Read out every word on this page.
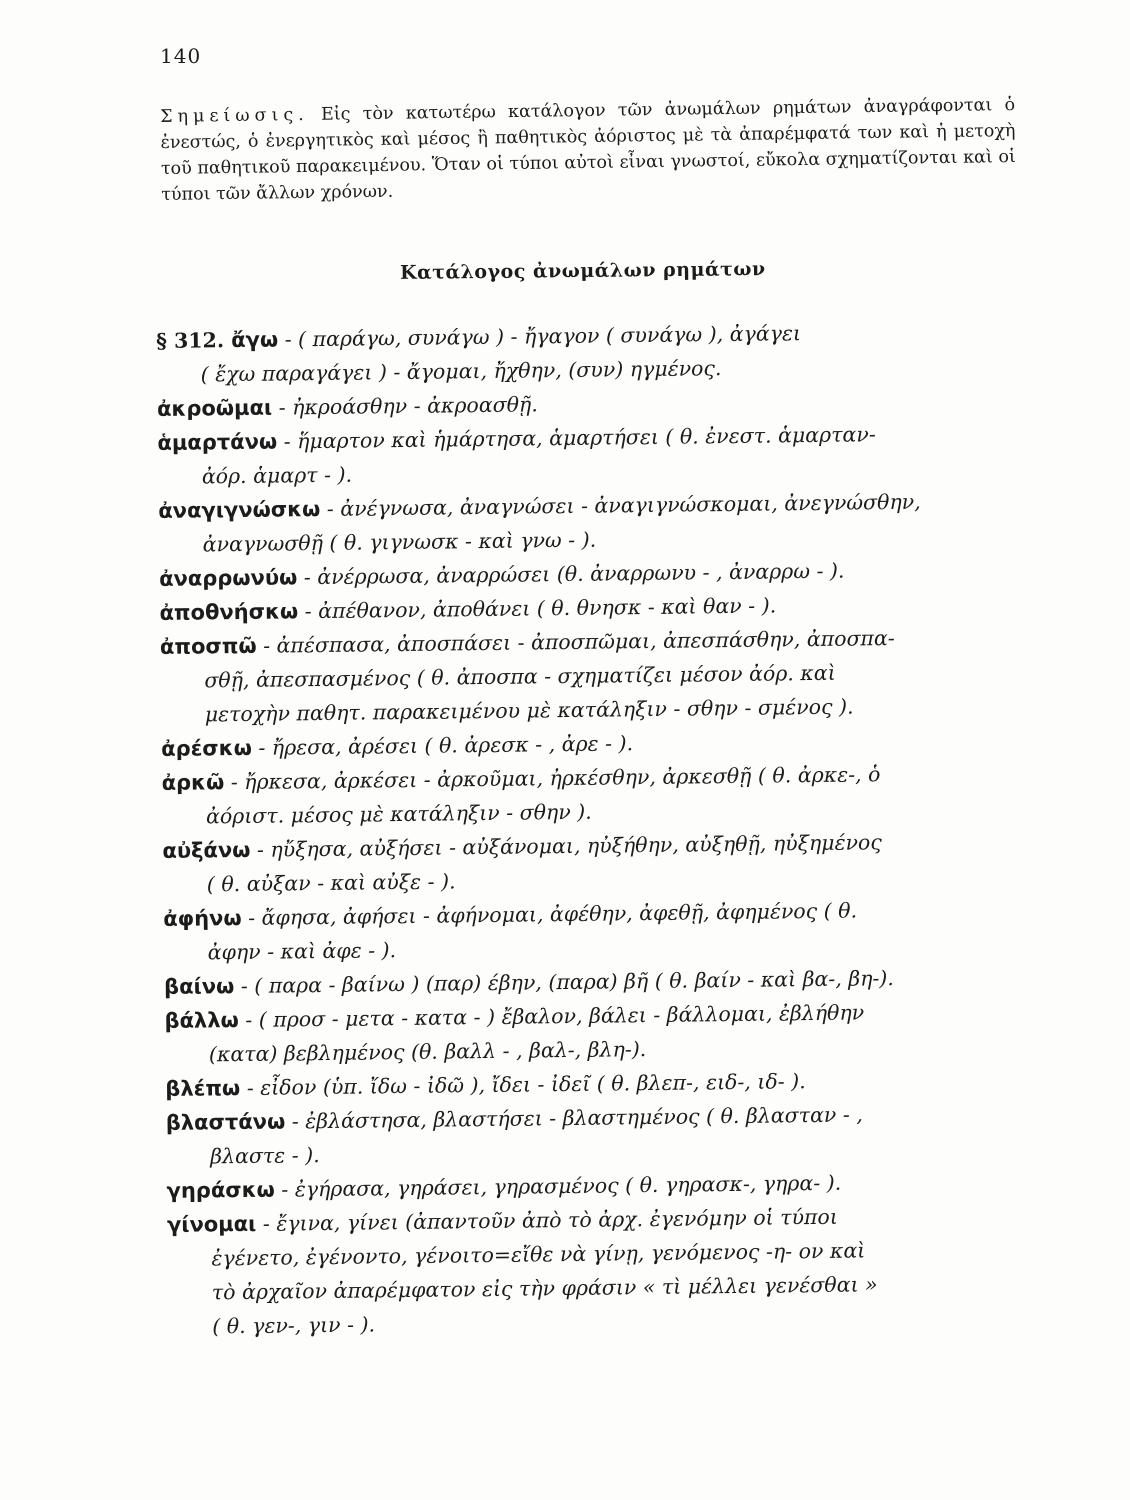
140
Σημείωσις. Εἰς τὸν κατωτέρω κατάλογον τῶν ἀνωμάλων ρημάτων ἀναγράφονται ὁ ἐνεστώς, ὁ ἐνεργητικὸς καὶ μέσος ἢ παθητικὸς ἀόριστος μὲ τὰ ἀπαρέμφατά των καὶ ἡ μετοχὴ τοῦ παθητικοῦ παρακειμένου. Ὅταν οἱ τύποι αὐτοὶ εἶναι γνωστοί, εὔκολα σχηματίζονται καὶ οἱ τύποι τῶν ἄλλων χρόνων.
Κατάλογος ἀνωμάλων ρημάτων
§ 312. ἄγω - ( παράγω, συνάγω ) - ἤγαγον ( συνάγω ), ἀγάγει
( ἔχω παραγάγει ) - ἄγομαι, ἤχθην, (συν) ηγμένος.
ἀκροῶμαι - ἠκροάσθην - ἀκροασθῇ.
ἁμαρτάνω - ἥμαρτον καὶ ἡμάρτησα, ἁμαρτήσει ( θ. ἐνεστ. ἁμαρταν-
ἀόρ. ἁμαρτ - ).
ἀναγιγνώσκω - ἀνέγνωσα, ἀναγνώσει - ἀναγιγνώσκομαι, ἀνεγνώσθην,
ἀναγνωσθῇ ( θ. γιγνωσκ - καὶ γνω - ).
ἀναρρωνύω - ἀνέρρωσα, ἀναρρώσει (θ. ἀναρρωνυ - , ἀναρρω - ).
ἀποθνήσκω - ἀπέθανον, ἀποθάνει ( θ. θνησκ - καὶ θαν - ).
ἀποσπῶ - ἀπέσπασα, ἀποσπάσει - ἀποσπῶμαι, ἀπεσπάσθην, ἀποσπα-
σθῇ, ἀπεσπασμένος ( θ. ἀποσπα - σχηματίζει μέσον ἀόρ. καὶ
μετοχὴν παθητ. παρακειμένου μὲ κατάληξιν - σθην - σμένος ).
ἀρέσκω - ἤρεσα, ἀρέσει ( θ. ἀρεσκ - , ἀρε - ).
ἀρκῶ - ἤρκεσα, ἀρκέσει - ἀρκοῦμαι, ἠρκέσθην, ἀρκεσθῇ ( θ. ἀρκε-, ὁ
ἀόριστ. μέσος μὲ κατάληξιν - σθην ).
αὐξάνω - ηὔξησα, αὐξήσει - αὐξάνομαι, ηὐξήθην, αὐξηθῇ, ηὐξημένος
( θ. αὐξαν - καὶ αὐξε - ).
ἀφήνω - ἄφησα, ἀφήσει - ἀφήνομαι, ἀφέθην, ἀφεθῇ, ἀφημένος ( θ.
ἀφην - καὶ ἀφε - ).
βαίνω - ( παρα - βαίνω ) (παρ) έβην, (παρα) βῆ ( θ. βαίν - καὶ βα-, βη-).
βάλλω - ( προσ - μετα - κατα - ) ἔβαλον, βάλει - βάλλομαι, ἐβλήθην
(κατα) βεβλημένος (θ. βαλλ - , βαλ-, βλη-).
βλέπω - εἶδον (ὑπ. ἴδω - ἰδῶ ), ἴδει - ἰδεῖ ( θ. βλεπ-, ειδ-, ιδ- ).
βλαστάνω - ἐβλάστησα, βλαστήσει - βλαστημένος ( θ. βλασταν - ,
βλαστε - ).
γηράσκω - ἐγήρασα, γηράσει, γηρασμένος ( θ. γηρασκ-, γηρα- ).
γίνομαι - ἔγινα, γίνει (ἀπαντοῦν ἀπὸ τὸ ἀρχ. ἐγενόμην οἱ τύποι
ἐγένετο, ἐγένοντο, γένοιτο=εἴθε νὰ γίνῃ, γενόμενος -η- ον καὶ
τὸ ἀρχαῖον ἀπαρέμφατον εἰς τὴν φράσιν « τὶ μέλλει γενέσθαι »
( θ. γεν-, γιν - ).
